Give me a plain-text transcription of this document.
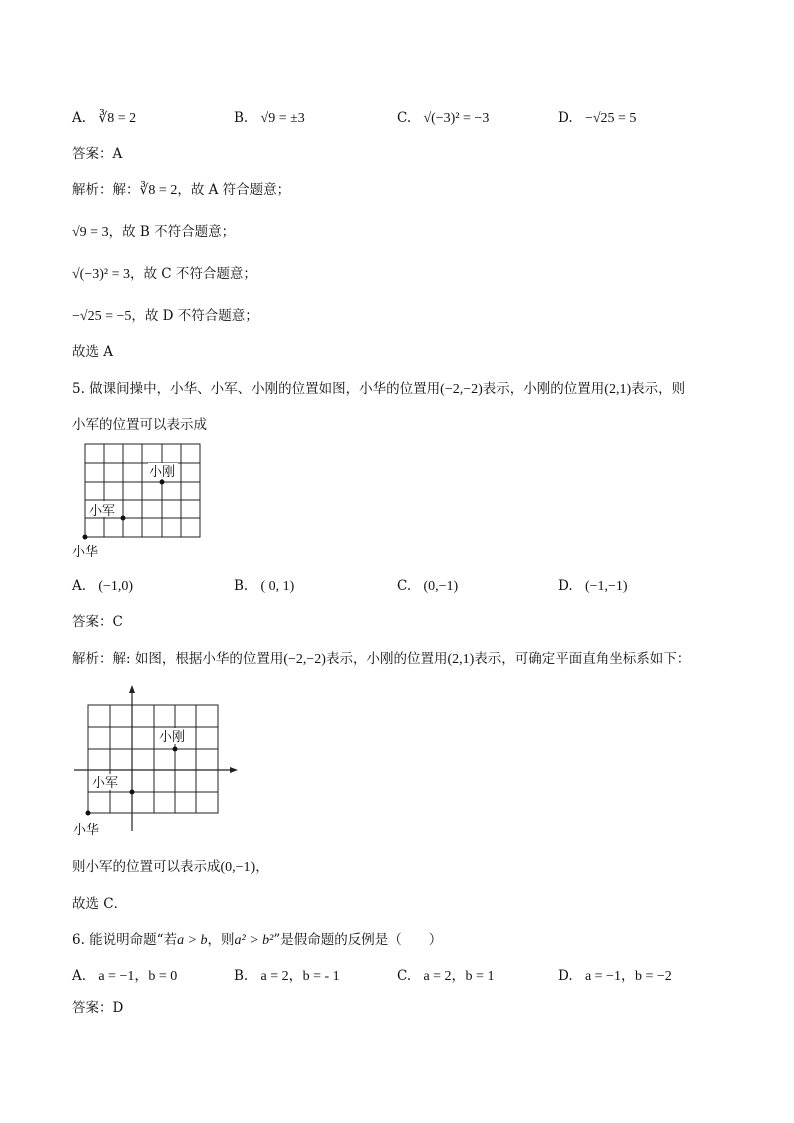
A. ∛8 = 2	B. √9 = ±3	C. √(−3)² = −3	D. −√25 = 5
答案：A
解析：解：∛8 = 2，故 A 符合题意；
√9 = 3，故 B 不符合题意；
√(−3)² = 3，故 C 不符合题意；
−√25 = −5，故 D 不符合题意；
故选 A
5. 做课间操中，小华、小军、小刚的位置如图，小华的位置用(−2,−2)表示，小刚的位置用(2,1)表示，则
小军的位置可以表示成
小刚
小军
小华
A. (−1,0)	B. ( 0, 1)	C. (0,−1)	D. (−1,−1)
答案：C
解析：解: 如图，根据小华的位置用(−2,−2)表示，小刚的位置用(2,1)表示，可确定平面直角坐标系如下：
小刚
小军
小华
则小军的位置可以表示成(0,−1)，
故选 C．
6. 能说明命题“若a > b，则a² > b²”是假命题的反例是（　　）
A. a = −1，b = 0	B. a = 2，b = - 1	C. a = 2，b = 1	D. a = −1，b = −2
答案：D
